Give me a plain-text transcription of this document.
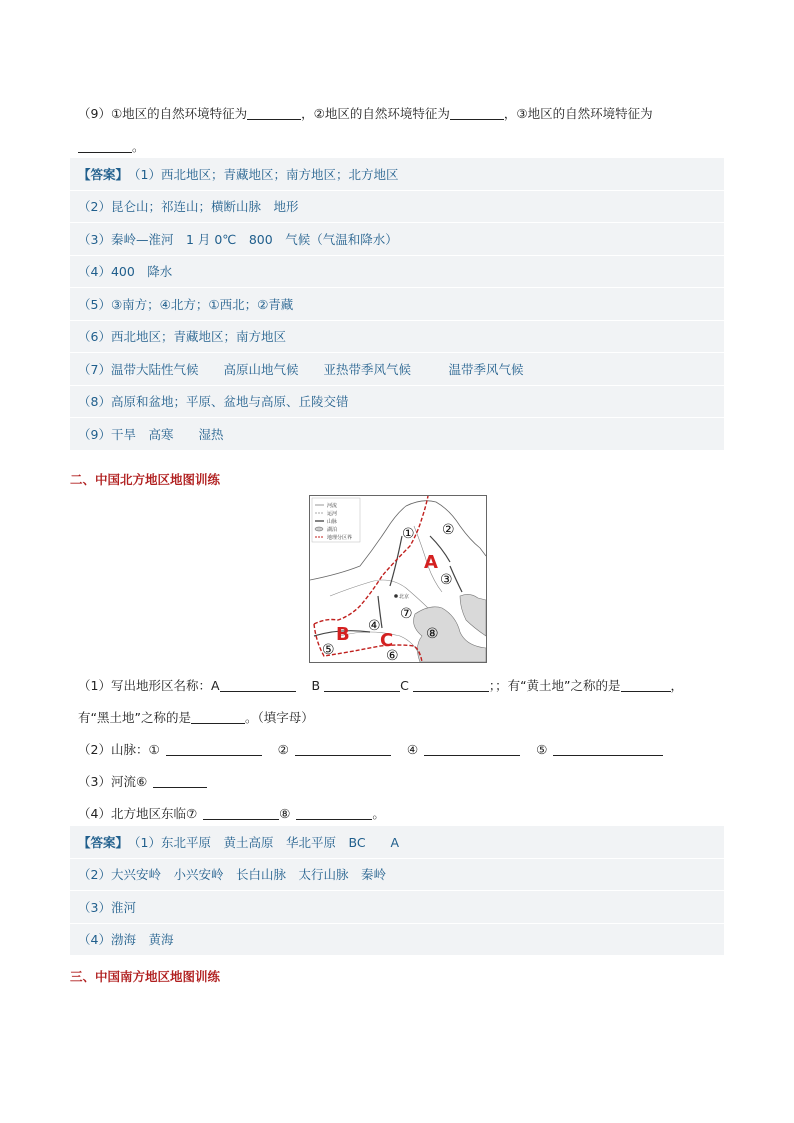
（9）①地区的自然环境特征为	，②地区的自然环境特征为	，③地区的自然环境特征为
。
【答案】 （1）西北地区；青藏地区；南方地区；北方地区
（2）昆仑山；祁连山；横断山脉　地形
（3）秦岭—淮河　1 月 0℃　800　气候（气温和降水）
（4）400　降水
（5）③南方；④北方；①西北；②青藏
（6）西北地区；青藏地区；南方地区
（7）温带大陆性气候　　高原山地气候　　亚热带季风气候　　　温带季风气候
（8）高原和盆地；平原、盆地与高原、丘陵交错
（9）干旱　高寒　　湿热
二、中国北方地区地图训练
河流
运河
山脉
湖泊
地理分区界
北京
A
B C
① ②
③
④
⑤	⑥
⑦
⑧
（1）写出地形区名称：A	B	C	；；有“黄土地”之称的是	，
有“黑土地”之称的是	。（填字母）
（2）山脉：①	②	④	⑤
（3）河流⑥
（4）北方地区东临⑦	⑧	。
【答案】 （1）东北平原　黄土高原　华北平原　BC　　A
（2）大兴安岭　小兴安岭　长白山脉　太行山脉　秦岭
（3）淮河
（4）渤海　黄海
三、中国南方地区地图训练
